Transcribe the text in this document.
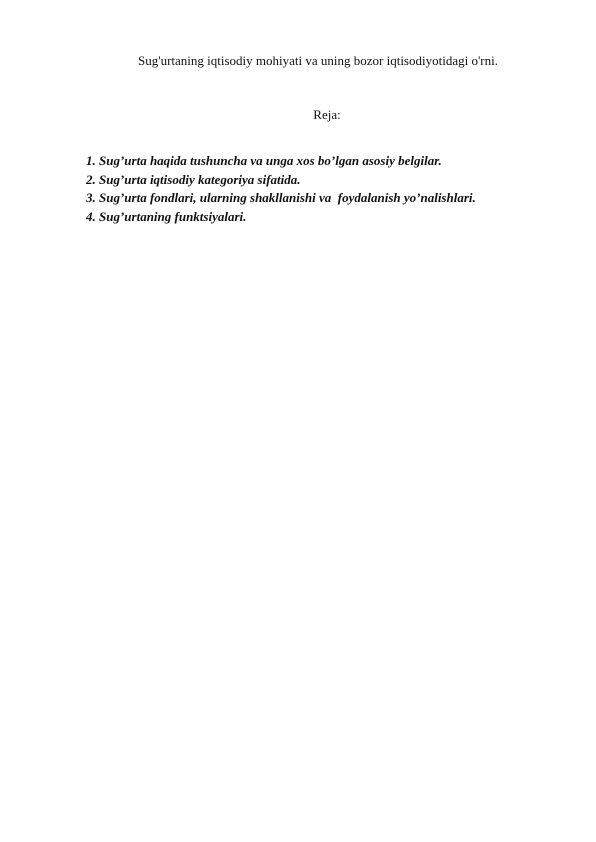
Sug'urtaning iqtisodiy mohiyati va uning bozor iqtisodiyotidagi o'rni.
Reja:
1. Sug’urta haqida tushuncha va unga xos bo’lgan asosiy belgilar.
2. Sug’urta iqtisodiy kategoriya sifatida.
3. Sug’urta fondlari, ularning shakllanishi va  foydalanish yo’nalishlari.
4. Sug’urtaning funktsiyalari.
